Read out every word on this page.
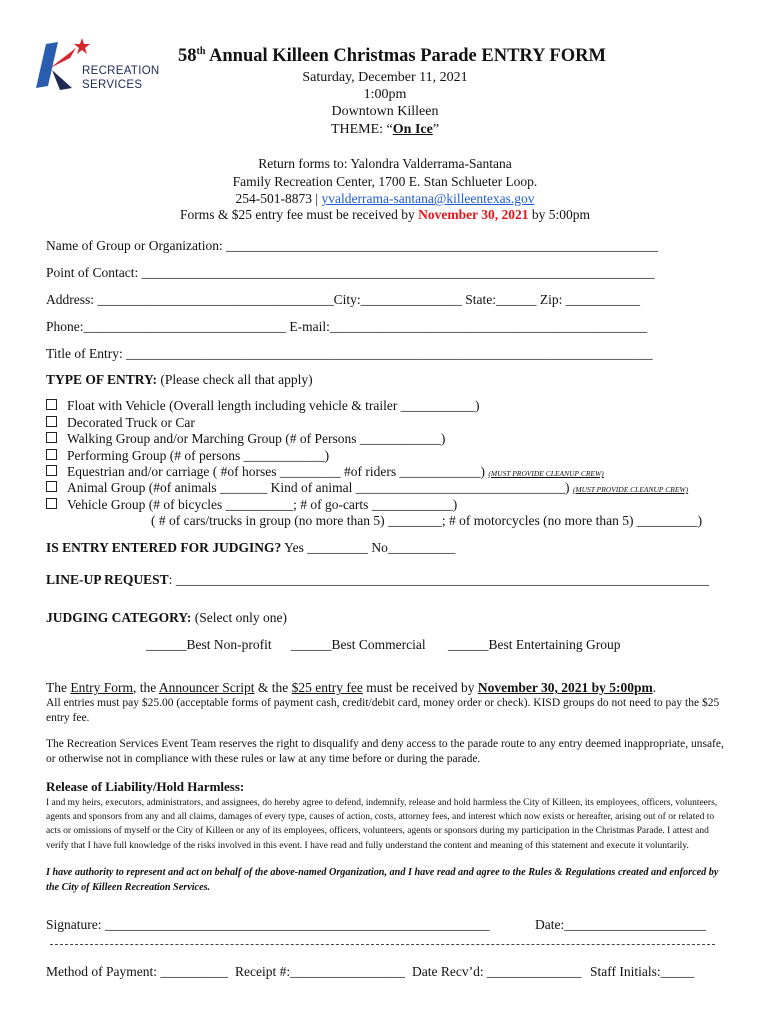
RECREATION
SERVICES
58th Annual Killeen Christmas Parade ENTRY FORM
Saturday, December 11, 2021
1:00pm
Downtown Killeen
THEME: “On Ice”
Return forms to: Yalondra Valderrama-Santana
Family Recreation Center, 1700 E. Stan Schlueter Loop.
254-501-8873 | yvalderrama-santana@killeentexas.gov
Forms & $25 entry fee must be received by November 30, 2021 by 5:00pm
Name of Group or Organization: ________________________________________________________________
Point of Contact: ____________________________________________________________________________
Address: ___________________________________City:_______________ State:______ Zip: ___________
Phone:______________________________ E-mail:_______________________________________________
Title of Entry: ______________________________________________________________________________
TYPE OF ENTRY: (Please check all that apply)
Float with Vehicle (Overall length including vehicle & trailer ___________)
Decorated Truck or Car
Walking Group and/or Marching Group (# of Persons ____________)
Performing Group (# of persons ____________)
Equestrian and/or carriage ( #of horses _________ #of riders ____________) (MUST PROVIDE CLEANUP CREW)
Animal Group (#of animals _______ Kind of animal _______________________________) (MUST PROVIDE CLEANUP CREW)
Vehicle Group (# of bicycles __________; # of go-carts ____________)
( # of cars/trucks in group (no more than 5) ________; # of motorcycles (no more than 5) _________)
IS ENTRY ENTERED FOR JUDGING? Yes _________ No__________
LINE-UP REQUEST: _______________________________________________________________________________
JUDGING CATEGORY: (Select only one)
______Best Non-profit ______Best Commercial ______Best Entertaining Group
The Entry Form, the Announcer Script & the $25 entry fee must be received by November 30, 2021 by 5:00pm.
All entries must pay $25.00 (acceptable forms of payment cash, credit/debit card, money order or check). KISD groups do not need to pay the $25 entry fee.
The Recreation Services Event Team reserves the right to disqualify and deny access to the parade route to any entry deemed inappropriate, unsafe, or otherwise not in compliance with these rules or law at any time before or during the parade.
Release of Liability/Hold Harmless:
I and my heirs, executors, administrators, and assignees, do hereby agree to defend, indemnify, release and hold harmless the City of Killeen, its employees, officers, volunteers, agents and sponsors from any and all claims, damages of every type, causes of action, costs, attorney fees, and interest which now exists or hereafter, arising out of or related to acts or omissions of myself or the City of Killeen or any of its employees, officers, volunteers, agents or sponsors during my participation in the Christmas Parade. I attest and verify that I have full knowledge of the risks involved in this event. I have read and fully understand the content and meaning of this statement and execute it voluntarily.
I have authority to represent and act on behalf of the above-named Organization, and I have read and agree to the Rules & Regulations created and enforced by the City of Killeen Recreation Services.
Signature: _________________________________________________________	Date:_____________________
Method of Payment: __________ Receipt #:_________________ Date Recv’d: ______________ Staff Initials:_____
